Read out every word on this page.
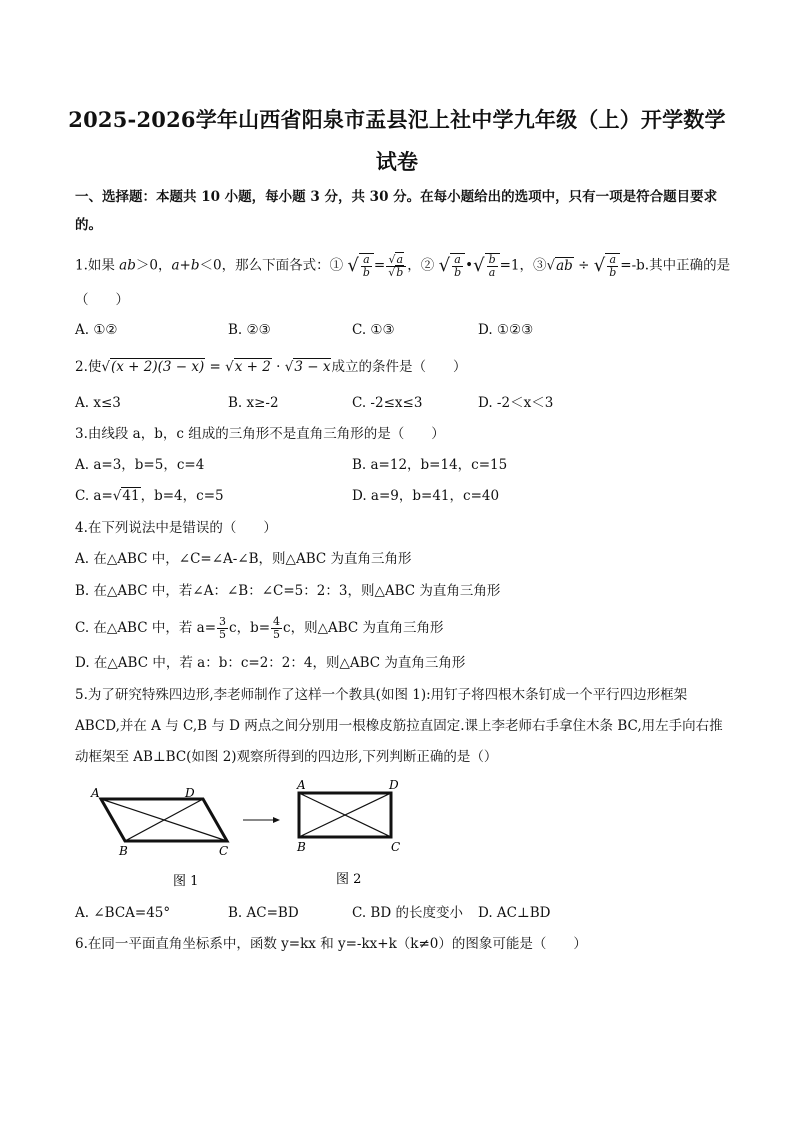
2025-2026学年山西省阳泉市盂县氾上社中学九年级（上）开学数学
试卷
一、选择题：本题共 10 小题，每小题 3 分，共 30 分。在每小题给出的选项中，只有一项是符合题目要求
的。
1.如果 ab＞0，a+b＜0，那么下面各式：① √ $\frac{a}{b} = \frac{√a}{√b}$ ，② √ $\frac{a}{b}$ •√ $\frac{b}{a} =1$，③√ab ÷ √ $\frac{a}{b} =-b$.其中正确的是
（　　）
A. ①②	B. ②③	C. ①③	D. ①②③
2.使√(x + 2)(3 − x) = √x + 2 · √3 − x成立的条件是（　　）
A. x≤3	B. x≥-2	C. -2≤x≤3	D. -2＜x＜3
3.由线段 a，b，c 组成的三角形不是直角三角形的是（　　）
A. a=3，b=5，c=4	B. a=12，b=14，c=15
C. a=√41，b=4，c=5	D. a=9，b=41，c=40
4.在下列说法中是错误的（　　）
A. 在△ABC 中，∠C=∠A-∠B，则△ABC 为直角三角形
B. 在△ABC 中，若∠A：∠B：∠C=5：2：3，则△ABC 为直角三角形
C. 在△ABC 中，若 $a= \frac{3}{5}$ c，$b= \frac{4}{5}$ c，则△ABC 为直角三角形
D. 在△ABC 中，若 a：b：c=2：2：4，则△ABC 为直角三角形
5.为了研究特殊四边形,李老师制作了这样一个教具(如图 1):用钉子将四根木条钉成一个平行四边形框架
ABCD,并在 A 与 C,B 与 D 两点之间分别用一根橡皮筋拉直固定.课上李老师右手拿住木条 BC,用左手向右推
动框架至 AB⊥BC(如图 2)观察所得到的四边形,下列判断正确的是（）
A	D
B	C
A	D
B	C
图 1	图 2
A. ∠BCA=45°	B. AC=BD	C. BD 的长度变小 D. AC⊥BD
6.在同一平面直角坐标系中，函数 y=kx 和 y=-kx+k（k≠0）的图象可能是（　　）
